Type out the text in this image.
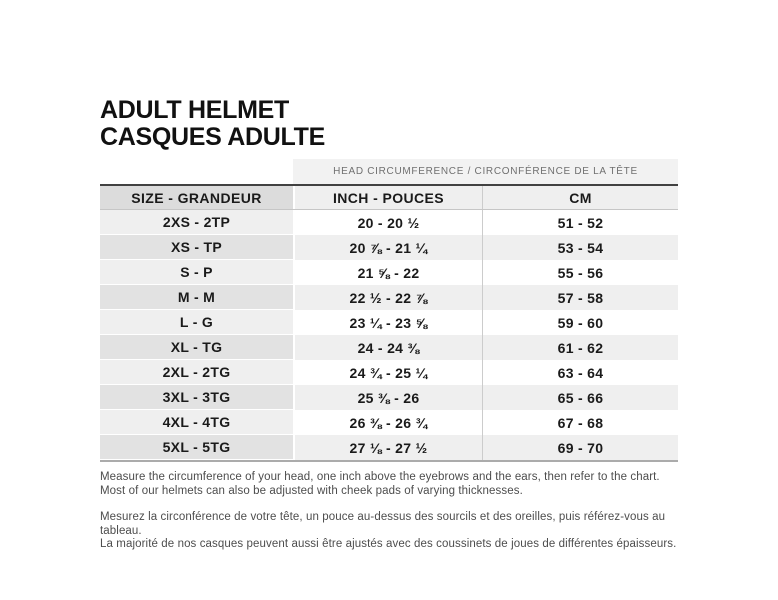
ADULT HELMET
CASQUES ADULTE
HEAD CIRCUMFERENCE / CIRCONFÉRENCE DE LA TÊTE
SIZE - GRANDEUR	INCH - POUCES	CM
2XS - 2TP	20 - 20 ½	51 - 52
XS - TP	20 ⅞ - 21 ¼	53 - 54
S - P	21 ⅝ - 22	55 - 56
M - M	22 ½ - 22 ⅞	57 - 58
L - G	23 ¼ - 23 ⅝	59 - 60
XL - TG	24 - 24 ⅜	61 - 62
2XL - 2TG	24 ¾ - 25 ¼	63 - 64
3XL - 3TG	25 ⅜ - 26	65 - 66
4XL - 4TG	26 ⅜ - 26 ¾	67 - 68
5XL - 5TG	27 ⅛ - 27 ½	69 - 70

Measure the circumference of your head, one inch above the eyebrows and the ears, then refer to the chart.
Most of our helmets can also be adjusted with cheek pads of varying thicknesses.

Mesurez la circonférence de votre tête, un pouce au-dessus des sourcils et des oreilles, puis référez-vous au tableau.
La majorité de nos casques peuvent aussi être ajustés avec des coussinets de joues de différentes épaisseurs.
